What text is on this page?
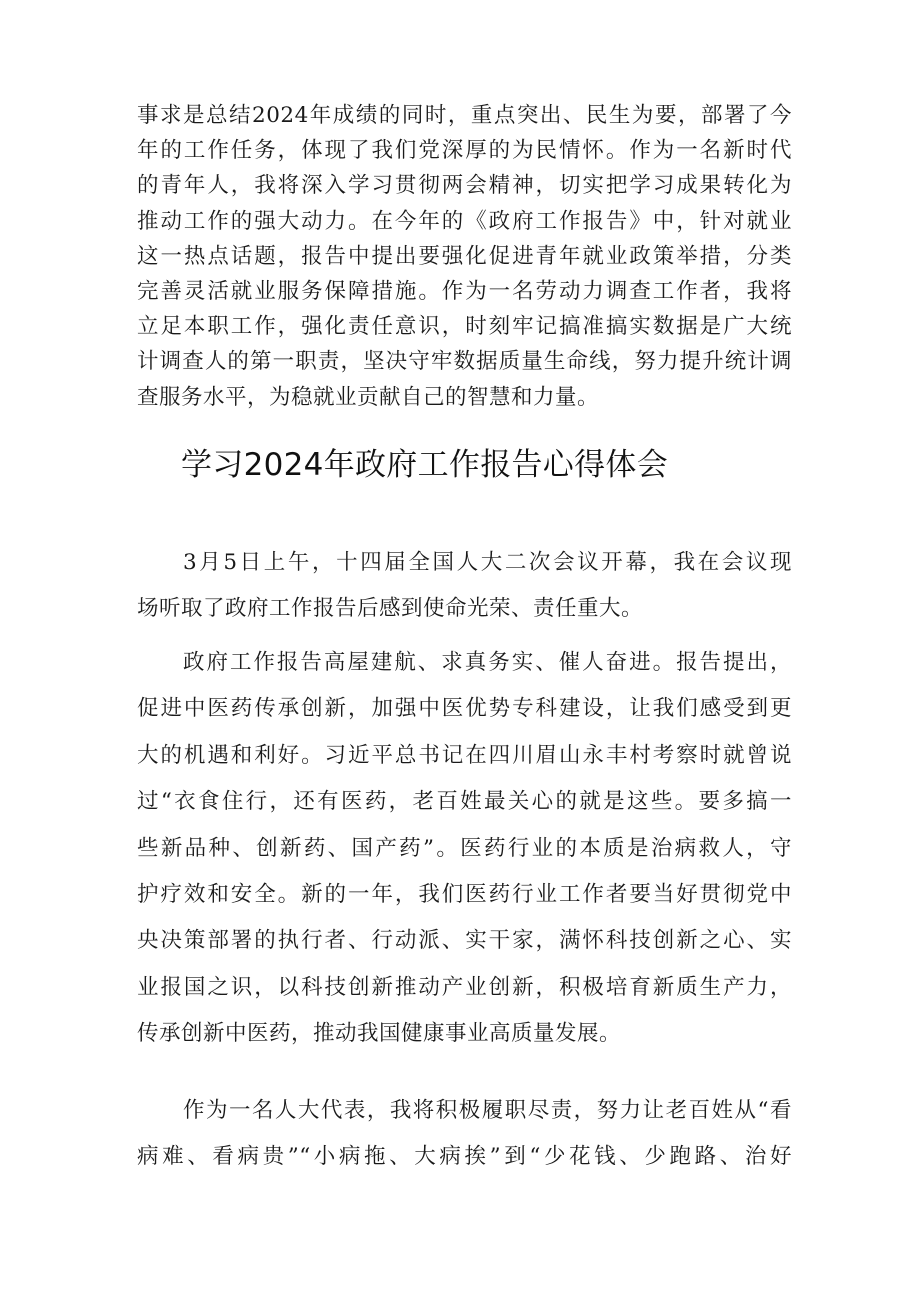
事求是总结2024年成绩的同时，重点突出、民生为要，部署了今
年的工作任务，体现了我们党深厚的为民情怀。作为一名新时代
的青年人，我将深入学习贯彻两会精神，切实把学习成果转化为
推动工作的强大动力。在今年的《政府工作报告》中，针对就业
这一热点话题，报告中提出要强化促进青年就业政策举措，分类
完善灵活就业服务保障措施。作为一名劳动力调查工作者，我将
立足本职工作，强化责任意识，时刻牢记搞准搞实数据是广大统
计调查人的第一职责，坚决守牢数据质量生命线，努力提升统计调
查服务水平，为稳就业贡献自己的智慧和力量。
学习2024年政府工作报告心得体会
3月5日上午，十四届全国人大二次会议开幕，我在会议现
场听取了政府工作报告后感到使命光荣、责任重大。
政府工作报告高屋建航、求真务实、催人奋进。报告提出，
促进中医药传承创新，加强中医优势专科建设，让我们感受到更
大的机遇和利好。习近平总书记在四川眉山永丰村考察时就曾说
过“衣食住行，还有医药，老百姓最关心的就是这些。要多搞一
些新品种、创新药、国产药”。医药行业的本质是治病救人，守
护疗效和安全。新的一年，我们医药行业工作者要当好贯彻党中
央决策部署的执行者、行动派、实干家，满怀科技创新之心、实
业报国之识，以科技创新推动产业创新，积极培育新质生产力，
传承创新中医药，推动我国健康事业高质量发展。
作为一名人大代表，我将积极履职尽责，努力让老百姓从“看
病难、看病贵”“小病拖、大病挨”到“少花钱、少跑路、治好
